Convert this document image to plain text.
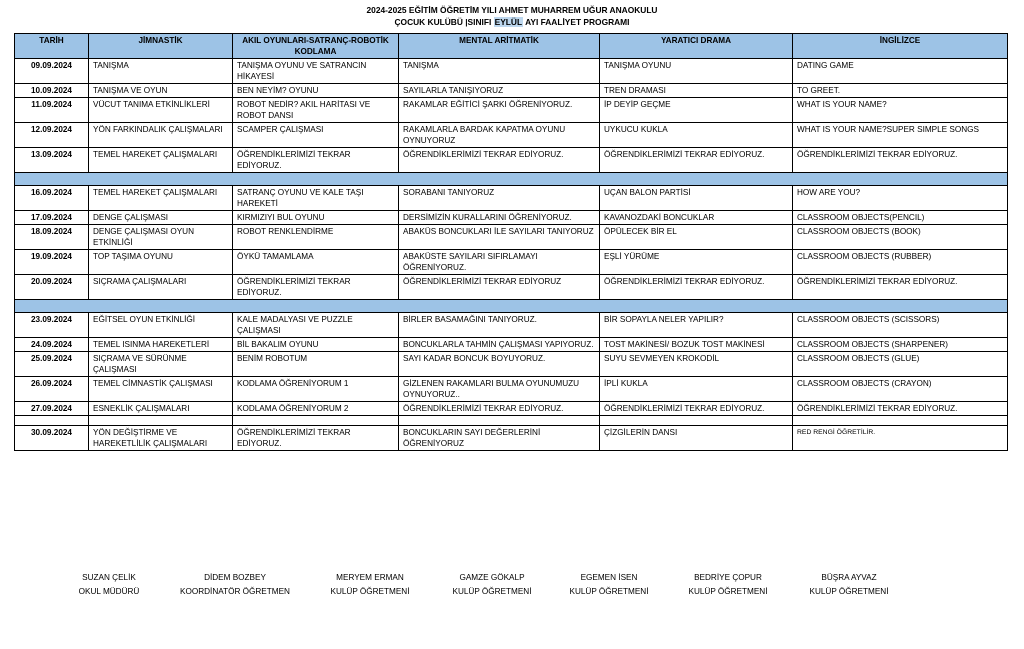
2024-2025 EĞİTİM ÖĞRETİM YILI AHMET MUHARREM UĞUR ANAOKULU
ÇOCUK KULÜBÜ |SINIFI EYLÜL AYI FAALİYET PROGRAMI
TARİH	JİMNASTİK	AKIL OYUNLARI-SATRANÇ-ROBOTİK KODLAMA	MENTAL ARİTMATİK	YARATICI DRAMA	İNGİLİZCE
09.09.2024	TANIŞMA	TANIŞMA OYUNU VE SATRANCIN HİKAYESİ	TANIŞMA	TANIŞMA OYUNU	DATING GAME
10.09.2024	TANIŞMA VE OYUN	BEN NEYİM? OYUNU	SAYILARLA TANIŞIYORUZ	TREN DRAMASI	TO GREET.
11.09.2024	VÜCUT TANIMA ETKİNLİKLERİ	ROBOT NEDİR? AKIL HARİTASI VE ROBOT DANSI	RAKAMLAR EĞİTİCİ ŞARKI ÖĞRENİYORUZ.	İP DEYİP GEÇME	WHAT IS YOUR NAME?
12.09.2024	YÖN FARKINDALIK ÇALIŞMALARI	SCAMPER ÇALIŞMASI	RAKAMLARLA BARDAK KAPATMA OYUNU OYNUYORUZ	UYKUCU KUKLA	WHAT IS YOUR NAME?SUPER SIMPLE SONGS
13.09.2024	TEMEL HAREKET ÇALIŞMALARI	ÖĞRENDİKLERİMİZİ TEKRAR EDİYORUZ.	ÖĞRENDİKLERİMİZİ TEKRAR EDİYORUZ.	ÖĞRENDİKLERİMİZİ TEKRAR EDİYORUZ.	ÖĞRENDİKLERİMİZİ TEKRAR EDİYORUZ.

16.09.2024	TEMEL HAREKET ÇALIŞMALARI	SATRANÇ OYUNU VE KALE TAŞI HAREKETİ	SORABANI TANIYORUZ	UÇAN BALON PARTİSİ	HOW ARE YOU?
17.09.2024	DENGE ÇALIŞMASI	KIRMIZIYI BUL OYUNU	DERSİMİZİN KURALLARINI ÖĞRENİYORUZ.	KAVANOZDAKİ BONCUKLAR	CLASSROOM OBJECTS(PENCIL)
18.09.2024	DENGE ÇALIŞMASI OYUN ETKİNLİĞİ	ROBOT RENKLENDİRME	ABAKÜS BONCUKLARI İLE SAYILARI TANIYORUZ	ÖPÜLECEK BİR EL	CLASSROOM OBJECTS (BOOK)
19.09.2024	TOP TAŞIMA OYUNU	ÖYKÜ TAMAMLAMA	ABAKÜSTE SAYILARI SIFIRLAMAYI ÖĞRENİYORUZ.	EŞLİ YÜRÜME	CLASSROOM OBJECTS (RUBBER)
20.09.2024	SIÇRAMA ÇALIŞMALARI	ÖĞRENDİKLERİMİZİ TEKRAR EDİYORUZ.	ÖĞRENDİKLERİMİZİ TEKRAR EDİYORUZ	ÖĞRENDİKLERİMİZİ TEKRAR EDİYORUZ.	ÖĞRENDİKLERİMİZİ TEKRAR EDİYORUZ.

23.09.2024	EĞİTSEL OYUN ETKİNLİĞİ	KALE MADALYASI VE PUZZLE ÇALIŞMASI	BİRLER BASAMAĞINI TANIYORUZ.	BİR SOPAYLA NELER YAPILIR?	CLASSROOM OBJECTS (SCISSORS)
24.09.2024	TEMEL ISINMA HAREKETLERİ	BİL BAKALIM OYUNU	BONCUKLARLA TAHMİN ÇALIŞMASI YAPIYORUZ.	TOST MAKİNESİ/ BOZUK TOST MAKİNESİ	CLASSROOM OBJECTS (SHARPENER)
25.09.2024	SIÇRAMA VE SÜRÜNME ÇALIŞMASI	BENİM ROBOTUM	SAYI KADAR BONCUK BOYUYORUZ.	SUYU SEVMEYEN KROKODİL	CLASSROOM OBJECTS (GLUE)
26.09.2024	TEMEL CİMNASTİK ÇALIŞMASI	KODLAMA ÖĞRENİYORUM 1	GİZLENEN RAKAMLARI BULMA OYUNUMUZU OYNUYORUZ..	İPLİ KUKLA	CLASSROOM OBJECTS (CRAYON)
27.09.2024	ESNEKLİK ÇALIŞMALARI	KODLAMA ÖĞRENİYORUM 2	ÖĞRENDİKLERİMİZİ TEKRAR EDİYORUZ.	ÖĞRENDİKLERİMİZİ TEKRAR EDİYORUZ.	ÖĞRENDİKLERİMİZİ TEKRAR EDİYORUZ.

30.09.2024	YÖN DEĞİŞTİRME VE HAREKETLİLİK ÇALIŞMALARI	ÖĞRENDİKLERİMİZİ TEKRAR EDİYORUZ.	BONCUKLARIN SAYI DEĞERLERİNİ ÖĞRENİYORUZ	ÇİZGİLERİN DANSI	RED RENGİ ÖĞRETİLİR.
SUZAN ÇELİK
OKUL MÜDÜRÜ
DİDEM BOZBEY
KOORDİNATÖR ÖĞRETMEN
MERYEM ERMAN
KULÜP ÖĞRETMENİ
GAMZE GÖKALP
KULÜP ÖĞRETMENİ
EGEMEN İSEN
KULÜP ÖĞRETMENİ
BEDRİYE ÇOPUR
KULÜP ÖĞRETMENİ
BÜŞRA AYVAZ
KULÜP ÖĞRETMENİ
